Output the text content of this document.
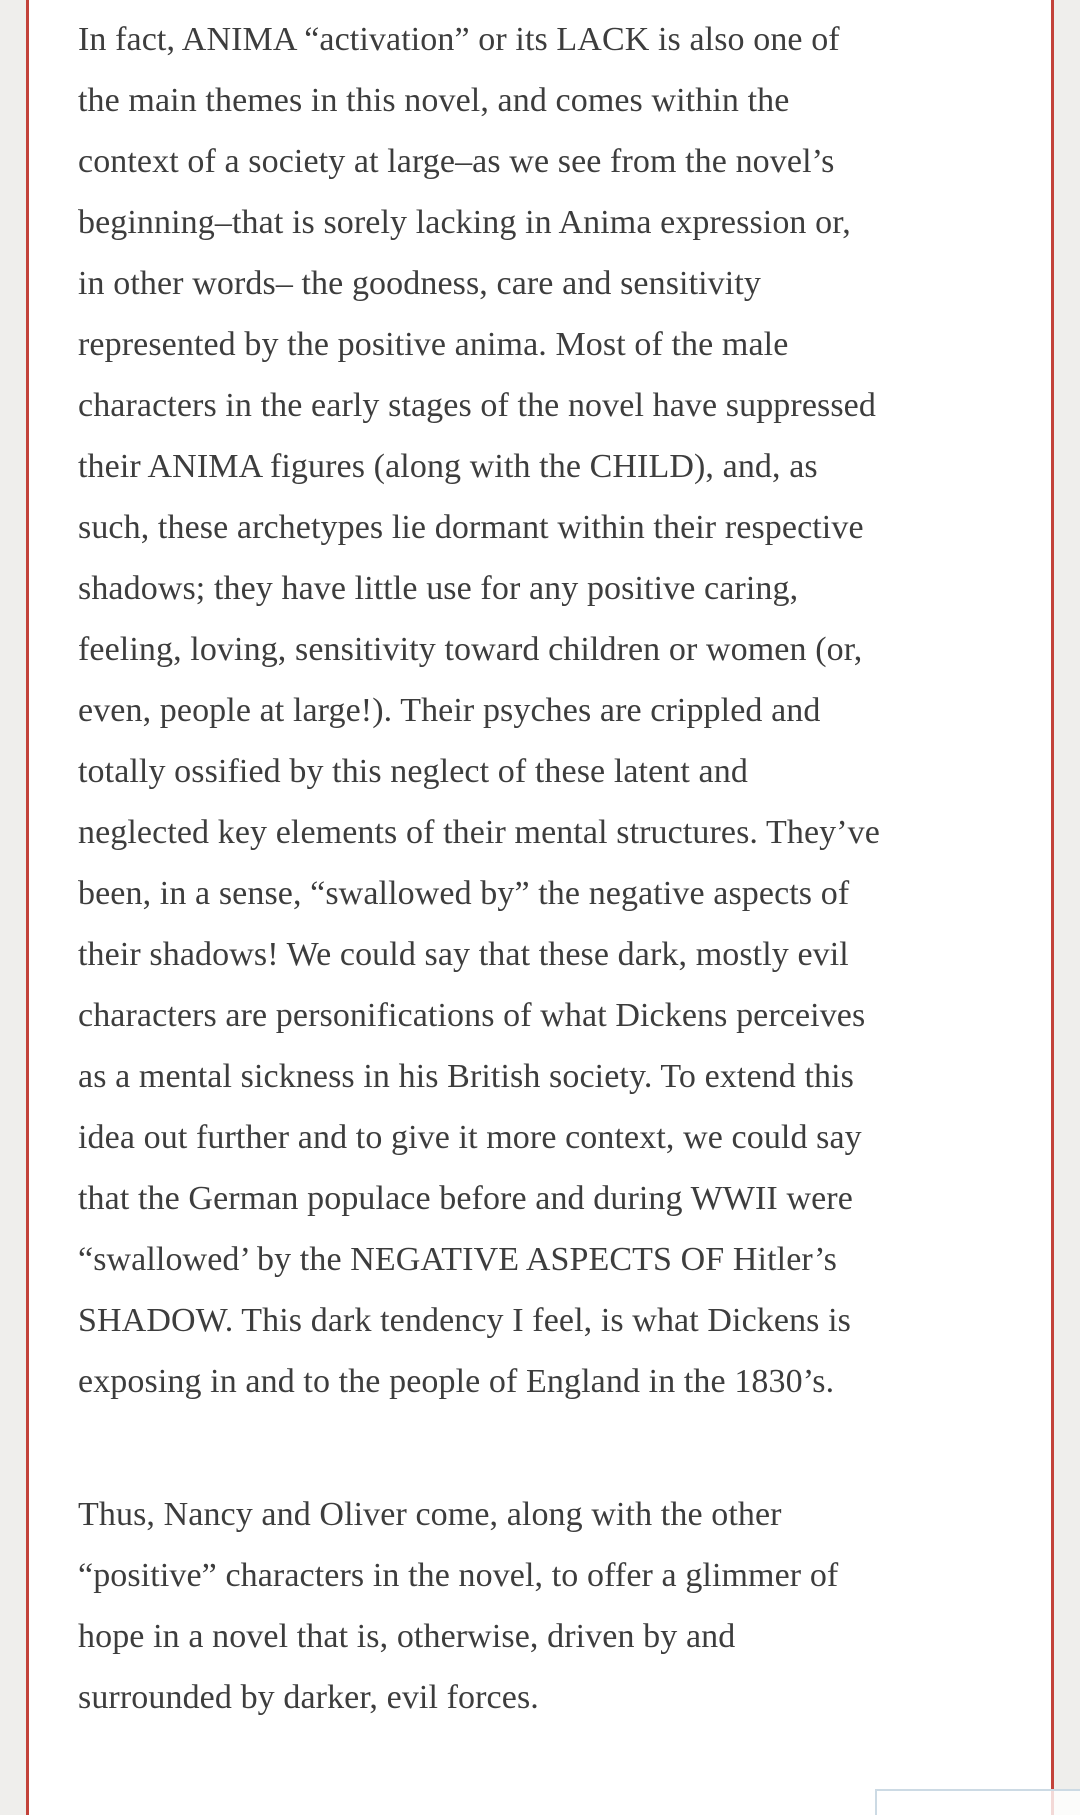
In fact, ANIMA “activation” or its LACK is also one of the main themes in this novel, and comes within the context of a society at large–as we see from the novel’s beginning–that is sorely lacking in Anima expression or, in other words– the goodness, care and sensitivity represented by the positive anima. Most of the male characters in the early stages of the novel have suppressed their ANIMA figures (along with the CHILD), and, as such, these archetypes lie dormant within their respective shadows; they have little use for any positive caring, feeling, loving, sensitivity toward children or women (or, even, people at large!). Their psyches are crippled and totally ossified by this neglect of these latent and neglected key elements of their mental structures. They’ve been, in a sense, “swallowed by” the negative aspects of their shadows! We could say that these dark, mostly evil characters are personifications of what Dickens perceives as a mental sickness in his British society. To extend this idea out further and to give it more context, we could say that the German populace before and during WWII were “swallowed’ by the NEGATIVE ASPECTS OF Hitler’s SHADOW. This dark tendency I feel, is what Dickens is exposing in and to the people of England in the 1830’s.

Thus, Nancy and Oliver come, along with the other “positive” characters in the novel, to offer a glimmer of hope in a novel that is, otherwise, driven by and surrounded by darker, evil forces.
